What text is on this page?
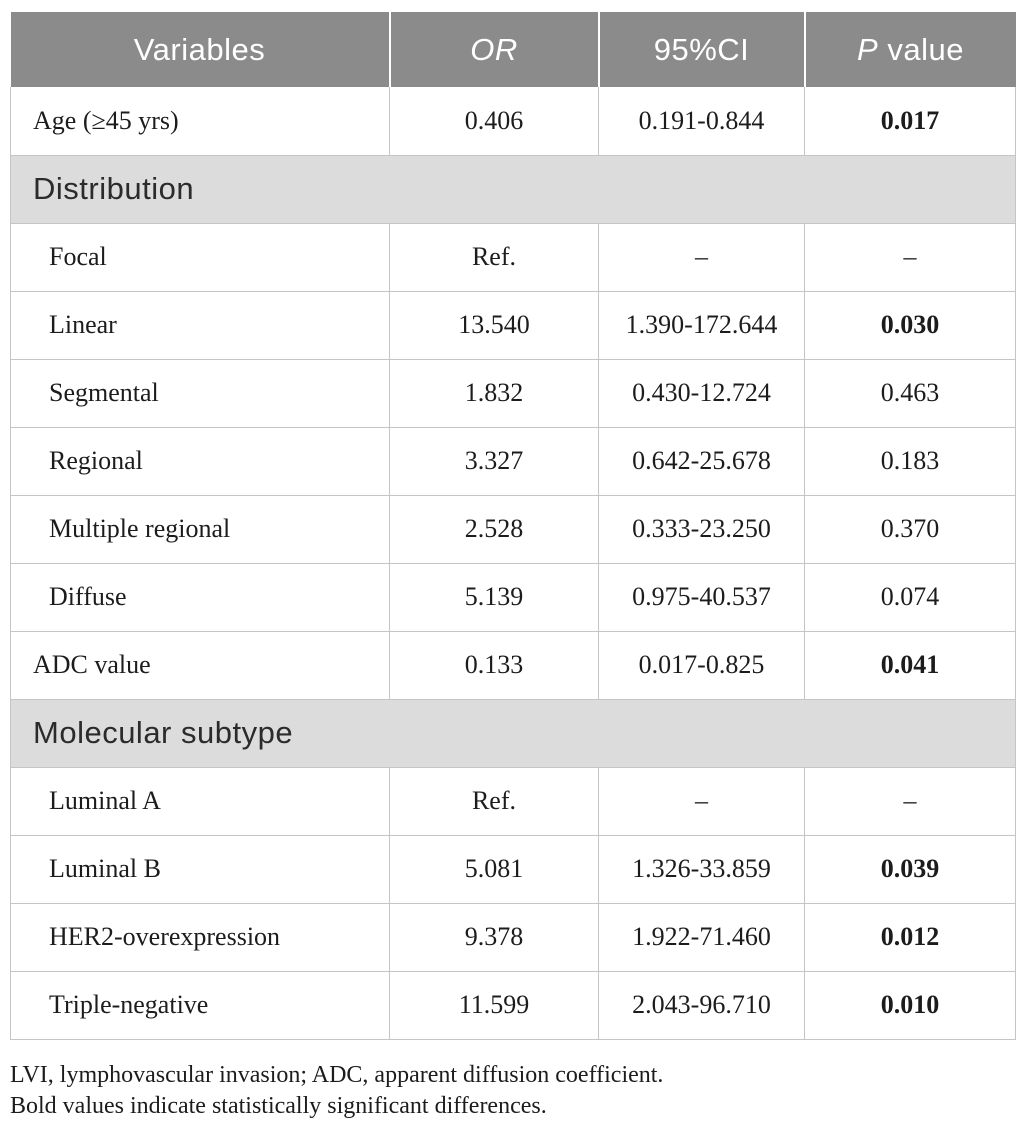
Variables	OR	95%CI	P value
Age (≥45 yrs)	0.406	0.191-0.844	0.017
Distribution			
Focal	Ref.	–	–
Linear	13.540	1.390-172.644	0.030
Segmental	1.832	0.430-12.724	0.463
Regional	3.327	0.642-25.678	0.183
Multiple regional	2.528	0.333-23.250	0.370
Diffuse	5.139	0.975-40.537	0.074
ADC value	0.133	0.017-0.825	0.041
Molecular subtype			
Luminal A	Ref.	–	–
Luminal B	5.081	1.326-33.859	0.039
HER2-overexpression	9.378	1.922-71.460	0.012
Triple-negative	11.599	2.043-96.710	0.010
LVI, lymphovascular invasion; ADC, apparent diffusion coefficient.
Bold values indicate statistically significant differences.
